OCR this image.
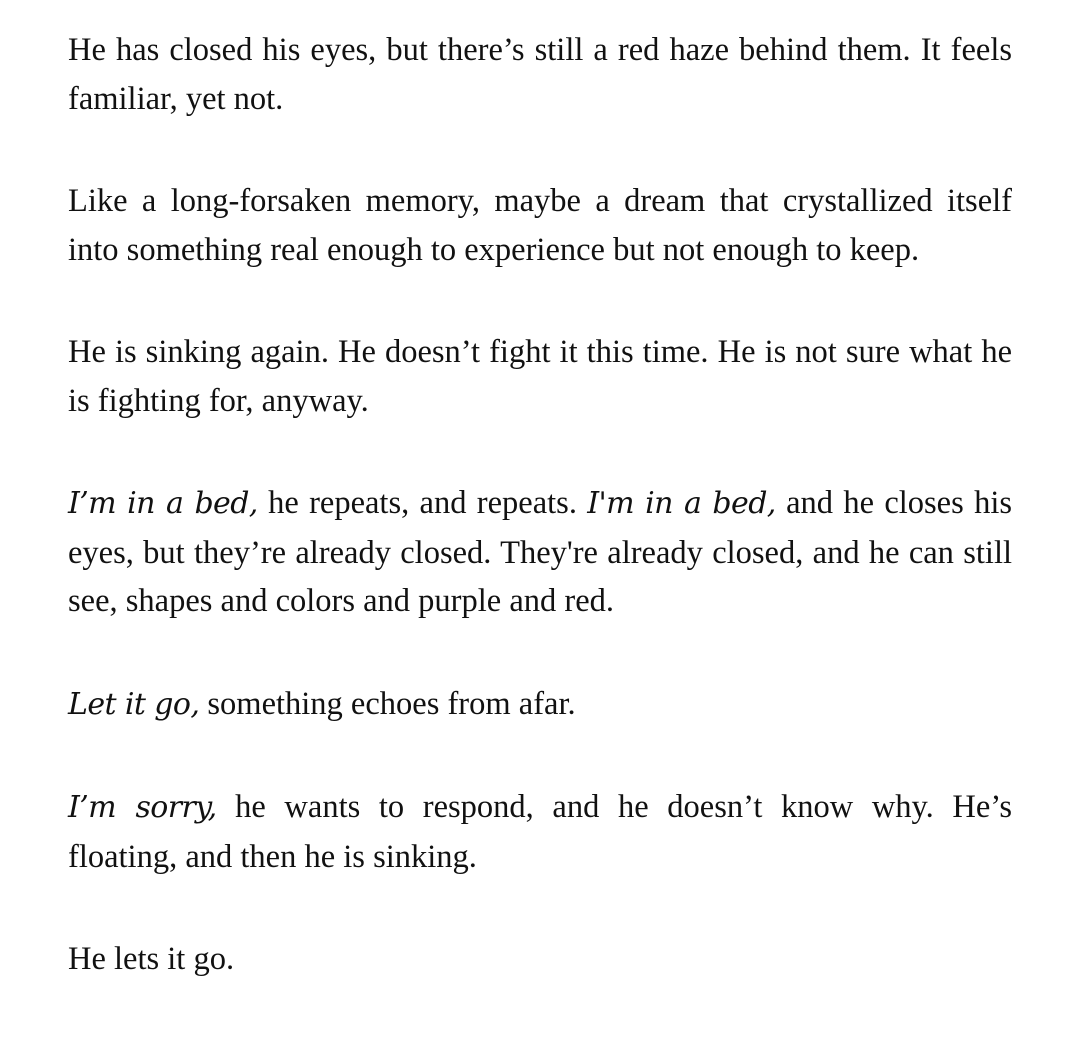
He has closed his eyes, but there’s still a red haze behind them. It feels familiar, yet not.

Like a long-forsaken memory, maybe a dream that crystallized itself into something real enough to experience but not enough to keep.

He is sinking again. He doesn’t fight it this time. He is not sure what he is fighting for, anyway.

I’m in a bed, he repeats, and repeats. I'm in a bed, and he closes his eyes, but they’re already closed. They're already closed, and he can still see, shapes and colors and purple and red.

Let it go, something echoes from afar.

I’m sorry, he wants to respond, and he doesn’t know why. He’s floating, and then he is sinking.

He lets it go.
